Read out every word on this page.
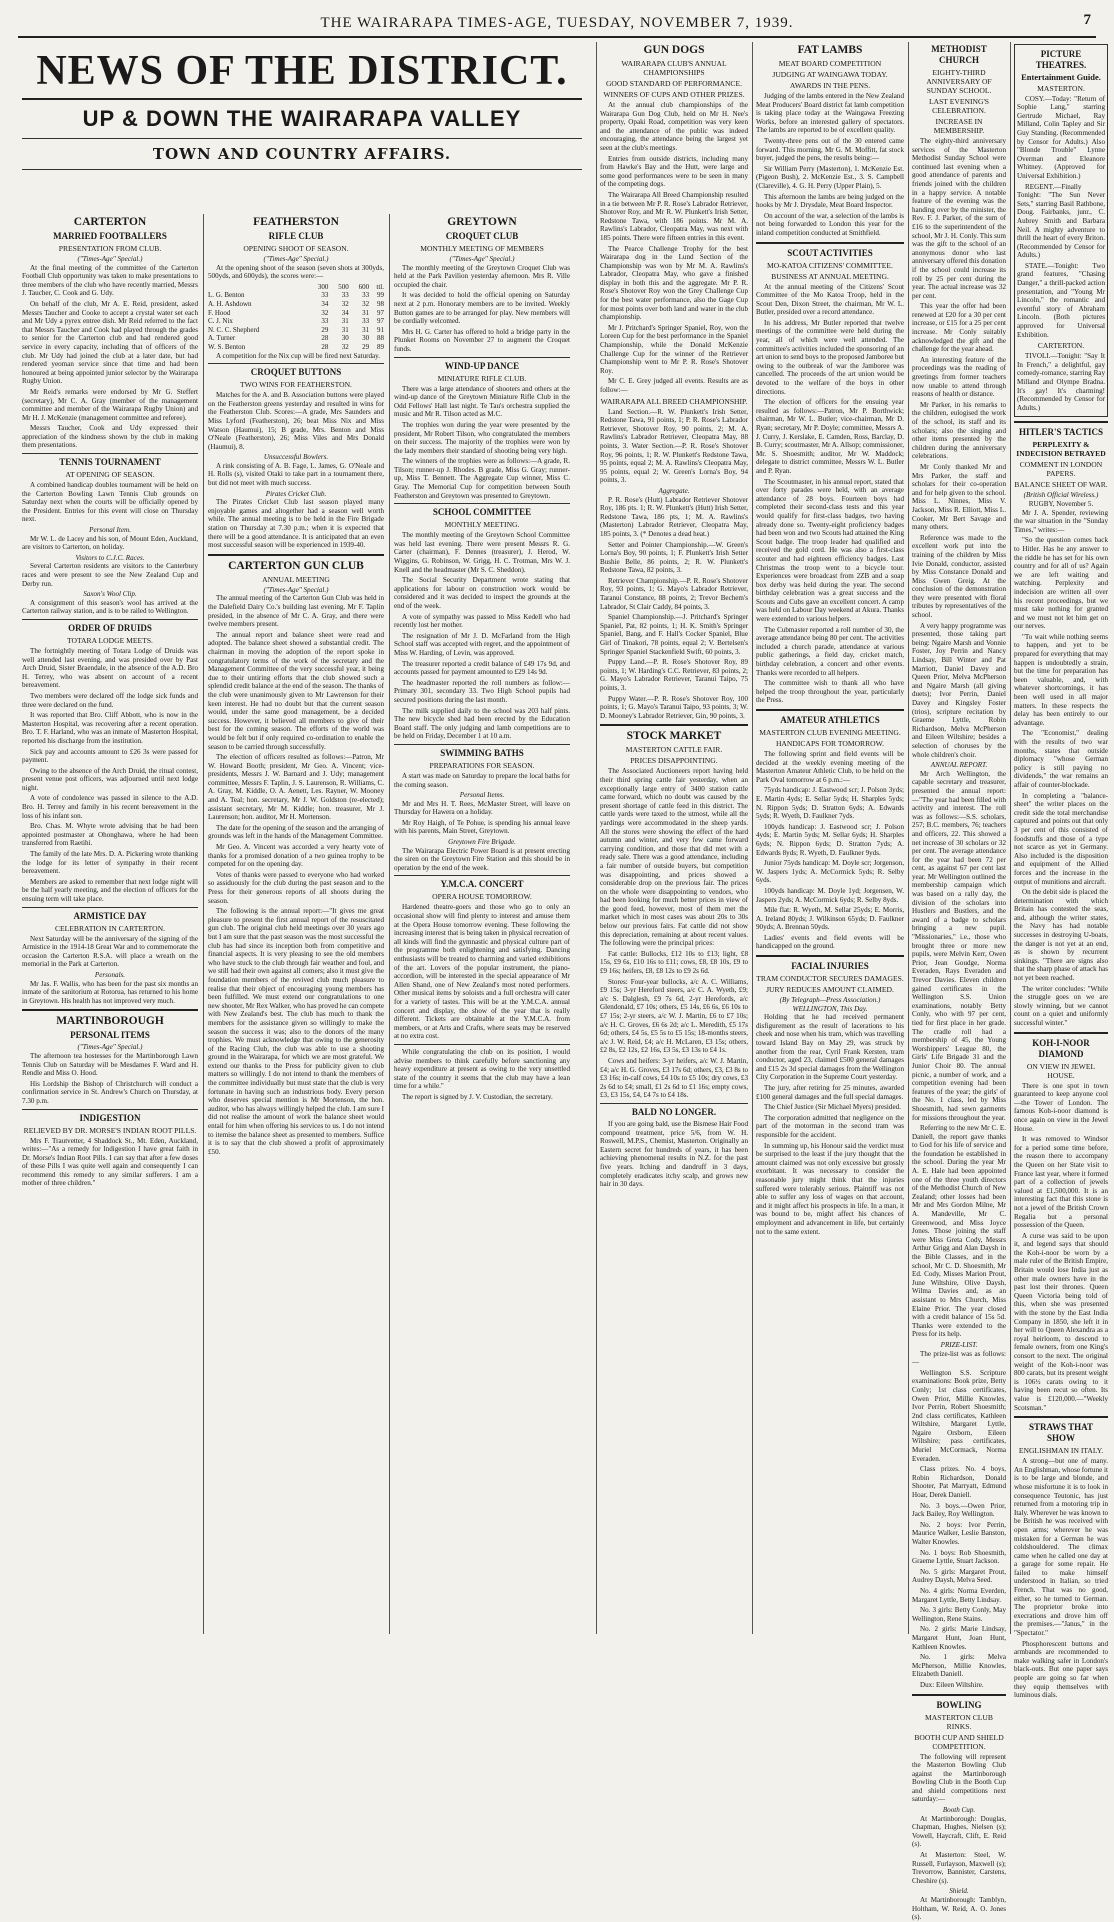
THE WAIRARAPA TIMES-AGE, TUESDAY, NOVEMBER 7, 1939.	7
NEWS OF THE DISTRICT.
UP & DOWN THE WAIRARAPA VALLEY
TOWN AND COUNTRY AFFAIRS.
CARTERTON
MARRIED FOOTBALLERS
PRESENTATION FROM CLUB.
("Times-Age" Special.)

At the final meeting of the committee of the Carterton Football Club opportunity was taken to make presentations to three members of the club who have recently married, Messrs J. Taucher, C. Cook and G. Udy.

On behalf of the club, Mr A. E. Reid, president, asked Messrs Taucher and Cooke to accept a crystal water set each and Mr Udy a pyrex entree dish. Mr Reid referred to the fact that Messrs Taucher and Cook had played through the grades to senior for the Carterton club and had rendered good service in every capacity, including that of officers of the club. Mr Udy had joined the club at a later date, but had rendered yeoman service since that time and had been honoured at being appointed junior selector by the Wairarapa Rugby Union.

Mr Reid's remarks were endorsed by Mr G. Steffert (secretary), Mr C. A. Gray (member of the management committee and member of the Wairarapa Rugby Union) and Mr H. J. McKenzie (management committee and referee).

Messrs Taucher, Cook and Udy expressed their appreciation of the kindness shown by the club in making them presentations.

TENNIS TOURNAMENT
AT OPENING OF SEASON.

A combined handicap doubles tournament will be held on the Carterton Bowling Lawn Tennis Club grounds on Saturday next when the courts will be officially opened by the President. Entries for this event will close on Thursday next.

Personal Item.

Mr W. L. de Lacey and his son, of Mount Eden, Auckland, are visitors to Carterton, on holiday.

Visitors to C.J.C. Races.

Several Carterton residents are visitors to the Canterbury races and were present to see the New Zealand Cup and Derby run.

Saxon's Wool Clip.

A consignment of this season's wool has arrived at the Carterton railway station, and is to be railed to Wellington.

ORDER OF DRUIDS
TOTARA LODGE MEETS.

The fortnightly meeting of Totara Lodge of Druids was well attended last evening, and was presided over by Past Arch Druid, Sister Braendale, in the absence of the A.D. Bro H. Terrey, who was absent on account of a recent bereavement.

Two members were declared off the lodge sick funds and three were declared on the fund.

It was reported that Bro. Cliff Abbott, who is now in the Masterton Hospital, was recovering after a recent operation. Bro. T. F. Harland, who was an inmate of Masterton Hospital, reported his discharge from the institution.

Sick pay and accounts amount to £26 3s were passed for payment.

Owing to the absence of the Arch Druid, the ritual contest, present venue post officers, was adjourned until next lodge night.

A vote of condolence was passed in silence to the A.D. Bro. H. Terrey and family in his recent bereavement in the loss of his infant son.

Bro. Chas. M. Whyte wrote advising that he had been appointed postmaster at Ohonghawa, where he had been transferred from Raetihi.

The family of the late Mrs. D. A. Pickering wrote thanking the lodge for its letter of sympathy in their recent bereavement.

Members are asked to remember that next lodge night will be the half yearly meeting, and the election of officers for the ensuing term will take place.

ARMISTICE DAY
CELEBRATION IN CARTERTON.

Next Saturday will be the anniversary of the signing of the Armistice in the 1914-18 Great War and to commemorate the occasion the Carterton R.S.A. will place a wreath on the memorial in the Park at Carterton.

Personals.

Mr Jas. F. Wallis, who has been for the past six months an inmate of the sanitorium at Rotorua, has returned to his home in Greytown. His health has not improved very much.

MARTINBOROUGH
PERSONAL ITEMS
("Times-Age" Special.)

The afternoon tea hostesses for the Martinborough Lawn Tennis Club on Saturday will be Mesdames F. Ward and H. Rendle and Miss O. Hood.

His Lordship the Bishop of Christchurch will conduct a confirmation service in St. Andrew's Church on Thursday, at 7.30 p.m.

INDIGESTION
RELIEVED BY DR. MORSE'S INDIAN ROOT PILLS.

Mrs F. Trautvetter, 4 Shaddock St., Mt. Eden, Auckland, writes:—"As a remedy for Indigestion I have great faith in Dr. Morse's Indian Root Pills. I can say that after a few doses of these Pills I was quite well again and consequently I can recommend this remedy to any similar sufferers. I am a mother of three children."

FEATHERSTON
RIFLE CLUB
OPENING SHOOT OF SEASON.
("Times-Age" Special.)

At the opening shoot of the season (seven shots at 300yds, 500yds, and 600yds), the scores were:—

	300	500	600	ttl.
L. G. Benton	33	33	33	99
A. H. Ashdown	34	32	32	98
F. Hood	32	34	31	97
C. J. Nix	33	31	33	97
N. C. C. Shepherd	29	31	31	91
A. Turner	28	30	30	88
W. S. Benton	28	32	29	89

A competition for the Nix cup will be fired next Saturday.

CROQUET BUTTONS
TWO WINS FOR FEATHERSTON.

Matches for the A. and B. Association buttons were played on the Featherston greens yesterday and resulted in wins for the Featherston Club. Scores:—A grade, Mrs Saunders and Miss Lyford (Featherston), 26; beat Miss Nix and Miss Watson (Haumui), 15; B grade, Mrs. Benton and Miss O'Neale (Featherston), 26; Miss Viles and Mrs Donald (Haumui), 8.

Unsuccessful Bowlers.

A rink consisting of A. B. Fage, L. James, G. O'Neale and H. Rolls (s), visited Otaki to take part in a tournament there, but did not meet with much success.

Pirates Cricket Club.

The Pirates Cricket Club last season played many enjoyable games and altogether had a season well worth while. The annual meeting is to be held in the Fire Brigade station on Thursday at 7.30 p.m.; when it is expected that there will be a good attendance. It is anticipated that an even most successful season will be experienced in 1939-40.

CARTERTON GUN CLUB
ANNUAL MEETING
("Times-Age" Special.)

The annual meeting of the Carterton Gun Club was held in the Dalefield Dairy Co.'s building last evening. Mr F. Taplin presided, in the absence of Mr C. A. Gray, and there were twelve members present.

The annual report and balance sheet were read and adopted. The balance sheet showed a substantial credit. The chairman in moving the adoption of the report spoke in congratulatory terms of the work of the secretary and the Management Committee of the very successful year, it being due to their untiring efforts that the club showed such a splendid credit balance at the end of the season. The thanks of the club were unanimously given to Mr Lawrenson for their keen interest. He had no doubt but that the current season would, under the same good management, be a decided success. However, it believed all members to give of their best for the coming season. The efforts of the world was would be felt but if only required co-ordination to enable the season to be carried through successfully.

The election of officers resulted as follows:—Patron, Mr W. Howard Booth; president, Mr Geo. A. Vincent; vice-presidents, Messrs J. W. Barnard and J. Udy; management committee, Messrs F. Taplin, J. S. Laurenson, R. Williams, C. A. Gray, M. Kiddle, O. A. Aenett, Les. Rayner, W. Mooney and A. Teal; hon. secretary, Mr J. W. Goldston (re-elected); assistant secretary, Mr M. Kiddle; hon. treasurer, Mr J. Laurenson; hon. auditor, Mr H. Mortenson.

The date for the opening of the season and the arranging of grounds was left in the hands of the Management Committee.

Mr Geo. A. Vincent was accorded a very hearty vote of thanks for a promised donation of a two guinea trophy to be competed for on the opening day.

Votes of thanks were passed to everyone who had worked so assiduously for the club during the past season and to the Press for their generous reports of all shoots during the season.

The following is the annual report:—"It gives me great pleasure to present the first annual report of the resuscitated gun club. The original club held meetings over 30 years ago but I am sure that the past season was the most successful the club has had since its inception both from competitive and financial aspects. It is very pleasing to see the old members who have stuck to the club through fair weather and foul, and we still had their own against all comers; also it must give the foundation members of the revived club much pleasure to realise that their object of encouraging young members has been fulfilled. We must extend our congratulations to one new shooter, Mr Rex Walker, who has proved he can compete with New Zealand's best. The club has much to thank the members for the assistance given so willingly to make the season the success it was; also to the donors of the many trophies. We must acknowledge that owing to the generosity of the Racing Club, the club was able to use a shooting ground in the Wairarapa, for which we are most grateful. We extend our thanks to the Press for publicity given to club matters so willingly. I do not intend to thank the members of the committee individually but must state that the club is very fortunate in having such an industrious body. Every person who deserves special mention is Mr Mortenson, the hon. auditor, who has always willingly helped the club. I am sure I did not realise the amount of work the balance sheet would entail for him when offering his services to us. I do not intend to itemise the balance sheet as presented to members. Suffice it is to say that the club showed a profit of approximately £50.

GREYTOWN
CROQUET CLUB
MONTHLY MEETING OF MEMBERS
("Times-Age" Special.)

The monthly meeting of the Greytown Croquet Club was held at the Park Pavilion yesterday afternoon. Mrs R. Ville occupied the chair.

It was decided to hold the official opening on Saturday next at 2 p.m. Honorary members are to be invited. Weekly Button games are to be arranged for play. New members will be cordially welcomed.

Mrs H. G. Carter has offered to hold a bridge party in the Plunket Rooms on November 27 to augment the Croquet funds.

WIND-UP DANCE
MINIATURE RIFLE CLUB.

There was a large attendance of shooters and others at the wind-up dance of the Greytown Miniature Rifle Club in the Odd Fellows' Hall last night. Te Tau's orchestra supplied the music and Mr R. Tilson acted as M.C.

The trophies won during the year were presented by the president, Mr Robert Tilson, who congratulated the members on their success. The majority of the trophies were won by the lady members their standard of shooting being very high.

The winners of the trophies were as follows:—A grade, R. Tilson; runner-up J. Rhodes. B grade, Miss G. Gray; runner-up, Miss T. Bennett. The Aggregate Cup winner, Miss C. Gray. The Memorial Cup for competition between South Featherston and Greytown was presented to Greytown.

SCHOOL COMMITTEE
MONTHLY MEETING.

The monthly meeting of the Greytown School Committee was held last evening. There were present Messrs R. G. Carter (chairman), F. Dennes (treasurer), J. Herod, W. Wiggins, G. Robinson, W. Grigg, H. C. Trotman, Mrs W. J. Knell and the headmaster (Mr S. C. Sheddon).

The Social Security Department wrote stating that applications for labour on construction work would be considered and it was decided to inspect the grounds at the end of the week.

A vote of sympathy was passed to Miss Kedell who had recently lost her mother.

The resignation of Mr J. D. McFarland from the High School staff was accepted with regret, and the appointment of Miss W. Harding, of Levin, was approved.

The treasurer reported a credit balance of £49 17s 9d, and accounts passed for payment amounted to £29 14s 9d.

The headmaster reported the roll numbers as follow:—Primary 301, secondary 33. Two High School pupils had secured positions during the last month.

The milk supplied daily to the school was 203 half pints. The new bicycle shed had been erected by the Education Board staff. The only judging and lamb competitions are to be held on Friday, December 1 at 10 a.m.

SWIMMING BATHS
PREPARATIONS FOR SEASON.

A start was made on Saturday to prepare the local baths for the coming season.

Personal Items.

Mr and Mrs H. T. Rees, McMaster Street, will leave on Thursday for Hawera on a holiday.

Mr Roy Haigh, of Te Pohue, is spending his annual leave with his parents, Main Street, Greytown.

Greytown Fire Brigade.

The Wairarapa Electric Power Board is at present erecting the siren on the Greytown Fire Station and this should be in operation by the end of the week.

Y.M.C.A. CONCERT
OPERA HOUSE TOMORROW.

Hardened theatre-goers and those who go to only an occasional show will find plenty to interest and amuse them at the Opera House tomorrow evening. These following the increasing interest that is being taken in physical recreation of all kinds will find the gymnastic and physical culture part of the programme both enlightening and satisfying. Dancing enthusiasts will be treated to charming and varied exhibitions of the art. Lovers of the popular instrument, the piano-accordion, will be interested in the special appearance of Mr Allen Shand, one of New Zealand's most noted performers. Other musical items by soloists and a full orchestra will cater for a variety of tastes. This will be at the Y.M.C.A. annual concert and display, the show of the year that is really different. Tickets are obtainable at the Y.M.C.A. from members, or at Arts and Crafts, where seats may be reserved at no extra cost.

While congratulating the club on its position, I would advise members to think carefully before sanctioning any heavy expenditure at present as owing to the very unsettled state of the country it seems that the club may have a lean time for a while."

The report is signed by J. V. Custodian, the secretary.

GUN DOGS
WAIRARAPA CLUB'S ANNUAL CHAMPIONSHIPS
GOOD STANDARD OF PERFORMANCE.
WINNERS OF CUPS AND OTHER PRIZES.

At the annual club championships of the Wairarapa Gun Dog Club, held on Mr H. Nee's property, Opaki Road, competition was very keen and the attendance of the public was indeed encouraging, the attendance being the largest yet seen at the club's meetings.

Entries from outside districts, including many from Hawke's Bay and the Hutt, were large and some good performances were to be seen in many of the competing dogs.

The Wairarapa All Breed Championship resulted in a tie between Mr P. R. Rose's Labrador Retriever, Shotover Roy, and Mr R. W. Plunkett's Irish Setter, Redstone Tawa, with 186 points. Mr M. A. Rawlins's Labrador, Cleopatra May, was next with 185 points. There were fifteen entries in this event.

The Pearce Challenge Trophy for the best Wairarapa dog in the Lund Section of the Championship was won by Mr M. A. Rawlins's Labrador, Cleopatra May, who gave a finished display in both this and the aggregate. Mr P. R. Rose's Shotover Roy won the Grey Challenge Cup for the best water performance, also the Gage Cup for most points over both land and water in the club championship.

Mr J. Pritchard's Springer Spaniel, Roy, won the Loreen Cup for the best performance in the Spaniel Championship, while the Donald McKenzie Challenge Cup for the winner of the Retriever Championship went to Mr P. R. Rose's Shotover Roy.

Mr C. E. Grey judged all events. Results are as follow:—

WAIRARAPA ALL BREED CHAMPIONSHIP.

Land Section.—R. W. Plunkett's Irish Setter, Redstone Tawa, 91 points, 1; P. R. Rose's Labrador Retriever, Shotover Roy, 90 points, 2; M. A. Rawlins's Labrador Retriever, Cleopatra May, 88 points, 3. Water Section.—P. R. Rose's Shotover Roy, 96 points, 1; R. W. Plunkett's Redstone Tawa, 95 points, equal 2; M. A. Rawlins's Cleopatra May, 95 points, equal 2; W. Green's Lorna's Boy, 94 points, 3.

Aggregate.

P. R. Rose's (Hutt) Labrador Retriever Shotover Roy, 186 pts. 1; R. W. Plunkett's (Hutt) Irish Setter, Redstone Tawa, 186 pts, 1; M. A. Rawlins's (Masterton) Labrador Retriever, Cleopatra May, 185 points, 3. (* Denotes a dead heat.)

Setter and Pointer Championship.—W. Green's Lorna's Boy, 90 points, 1; F. Plunkett's Irish Setter Bushie Belle, 86 points, 2; R. W. Plunkett's Redstone Tawa, 82 points, 3.

Retriever Championship.—P. R. Rose's Shotover Roy, 93 points, 1; G. Mayo's Labrador Retriever, Taranui Constance, 88 points, 2; Trevor Bechem's Labrador, St Clair Caddy, 84 points, 3.

Spaniel Championship.—J. Pritchard's Springer Spaniel, Pat, 82 points, 1; H. K. Smith's Springer Spaniel, Bang, and F. Hall's Cocker Spaniel, Blue Girl of Tinakori, 78 points, equal 2; V. Bertelsen's Springer Spaniel Stackenfield Swift, 60 points, 3.

Puppy Land.—P. R. Rose's Shotover Roy, 89 points, 1; W. Harding's C.C. Retriever, 83 points, 2; G. Mayo's Labrador Retriever, Taranui Taipo, 75 points, 3.

Puppy Water.—P. R. Rose's Shotover Roy, 100 points, 1; G. Mayo's Taranui Taipo, 93 points, 3; W. D. Mooney's Labrador Retriever, Gin, 90 points, 3.

STOCK MARKET
MASTERTON CATTLE FAIR.
PRICES DISAPPOINTING.

The Associated Auctioneers report having held their third spring cattle fair yesterday, when an exceptionally large entry of 3400 station cattle came forward, which no doubt was caused by the present shortage of cattle feed in this district. The cattle yards were taxed to the utmost, while all the yardings were accommodated in the sheep yards. All the stores were showing the effect of the hard autumn and winter, and very few came forward carrying condition, and those that did met with a ready sale. There was a good attendance, including a fair number of outside buyers, but competition was disappointing, and prices showed a considerable drop on the previous fair. The prices on the whole were disappointing to vendors, who had been looking for much better prices in view of the good feed, however, most of them met the market which in most cases was about 20s to 30s below our previous fairs. Fat cattle did not show this depreciation, remaining at about recent values. The following were the principal prices:

Fat cattle: Bullocks, £12 10s to £13; light, £8 15s, £9 6s, £10 16s to £11; cows, £8, £8 10s, £9 to £9 16s; heifers, £8, £8 12s to £9 2s 6d.

Stores: Four-year bullocks, a/c A. C. Williams, £9 15s; 3-yr Hereford steers, a/c C. A. Wyeth, £9; a/c S. Dalglesh, £9 7s 6d, 2-yr Herefords, a/c Glendonald, £7 10s; others, £5 14s, £6 6s, £6 10s to £7 15s; 2-yr steers, a/c W. J. Martin, £6 to £7 10s; a/c H. C. Groves, £6 6s 2d; a/c L. Meredith, £5 17s 6d; others, £4 5s, £5 5s to £5 15s; 18-months steers, a/c J. W. Reid, £4; a/c H. McLaren, £3 15s; others, £2 8s, £2 12s, £2 16s, £3 5s, £3 13s to £4 1s.

Cows and heifers: 3-yr heifers, a/c W. J. Martin, £4; a/c H. G. Groves, £3 17s 6d; others, £3, £3 8s to £3 16s; in-calf cows, £4 10s to £5 10s; dry cows, £3 2s 6d to £4; small, £1 2s 6d to £1 16s; empty cows, £3, £3 15s, £4, £4 7s to £4 18s.

BALD NO LONGER.

If you are going bald, use the Bismese Hair Food compound treatment, price 5/6, from W. H. Roswell, M.P.S., Chemist, Masterton. Originally an Eastern secret for hundreds of years, it has been achieving phenomenal results in N.Z. for the past five years. Itching and dandruff in 3 days, completely eradicates itchy scalp, and grows new hair in 30 days.

FAT LAMBS
MEAT BOARD COMPETITION
JUDGING AT WAINGAWA TODAY.
AWARDS IN THE PENS.

Judging of the lambs entered in the New Zealand Meat Producers' Board district fat lamb competition is taking place today at the Waingawa Freezing Works, before an interested gallery of spectators. The lambs are reported to be of excellent quality.

Twenty-three pens out of the 30 entered came forward. This morning, Mr G. M. Moffitt, fat stock buyer, judged the pens, the results being:—

Sir William Perry (Masterton), 1. McKenzie Est. (Pigeon Bush), 2. McKenzie Est., 3. S. Campbell (Clareville), 4. G. H. Perry (Upper Plain), 5.

This afternoon the lambs are being judged on the hooks by Mr J. Drysdale, Meat Board Inspector.

On account of the war, a selection of the lambs is not being forwarded to London this year for the inland competition conducted at Smithfield.

SCOUT ACTIVITIES
MO-KATOA CITIZENS' COMMITTEE.
BUSINESS AT ANNUAL MEETING.

At the annual meeting of the Citizens' Scout Committee of the Mo Katoa Troop, held in the Scout Den, Dixon Street, the chairman, Mr W. L. Butler, presided over a record attendance.

In his address, Mr Butler reported that twelve meetings of the committee were held during the year, all of which were well attended. The committee's activities included the sponsoring of an art union to send boys to the proposed Jamboree but owing to the outbreak of war the Jamboree was cancelled. The proceeds of the art union would be devoted to the welfare of the boys in other directions.

The election of officers for the ensuing year resulted as follows:—Patron, Mr P. Borthwick; chairman, Mr W. L. Butler; vice-chairman, Mr D. Ryan; secretary, Mr P. Doyle; committee, Messrs A. J. Curry, J. Kerslake, E. Camden, Ross, Barclay, D. B. Curry; scoutmaster, Mr A. Allsop; commissioner, Mr. S. Shoesmith; auditor, Mr W. Maddock; delegate to district committee, Messrs W. L. Butler and P. Ryan.

The Scoutmaster, in his annual report, stated that over forty parades were held, with an average attendance of 28 boys. Fourteen boys had completed their second-class tests and this year would qualify for first-class badges, two having already done so. Twenty-eight proficiency badges had been won and two Scouts had attained the King Scout badge. The troop leader had qualified and received the gold cord. He was also a first-class scouter and had eighteen efficiency badges. Last Christmas the troop went to a bicycle tour. Experiences were broadcast from 2ZB and a soap box derby was held during the year. The second birthday celebration was a great success and the Scouts and Cubs gave an excellent concert. A camp was held on Labour Day weekend at Akura. Thanks were extended to various helpers.

The Cubmaster reported a roll number of 30, the average attendance being 80 per cent. The activities included a church parade, attendance at various public gatherings, a field day, cricket match, birthday celebration, a concert and other events. Thanks were recorded to all helpers.

The committee wish to thank all who have helped the troop throughout the year, particularly the Press.

AMATEUR ATHLETICS
MASTERTON CLUB EVENING MEETING.
HANDICAPS FOR TOMORROW.

The following sprint and field events will be decided at the weekly evening meeting of the Masterton Amateur Athletic Club, to be held on the Park Oval tomorrow at 6 p.m.:—

75yds handicap: J. Eastwood scr; J. Polson 3yds; E. Martin 4yds; E. Sellar 5yds; H. Sharples 5yds; N. Rippon 5yds; D. Stratton 6yds; A. Edwards 5yds; R. Wyeth, D. Faulkner 7yds.

100yds handicap: J. Eastwood scr; J. Polson 4yds; E. Martin 5yds; M. Sellar 6yds; H. Sharples 6yds; N. Rippon 6yds; D. Stratton 7yds; A. Edwards 8yds; R. Wyeth, D. Faulkner 9yds.

Junior 75yds handicap: M. Doyle scr; Jorgenson, W. Jaspers 1yds; A. McCormick 5yds; R. Selby 6yds.

100yds handicap: M. Doyle 1yd; Jorgensen, W. Jaspers 2yds; A. McCormick 6yds; R. Selby 8yds.

Mile flat: R. Wyeth, M. Sellar 25yds; E. Morris, A. Ireland 80yds; J. Wilkinson 65yds; D. Faulkner 90yds; A. Brennan 50yds.

Ladies' events and field events will be handicapped on the ground.

FACIAL INJURIES
TRAM CONDUCTOR SECURES DAMAGES.
JURY REDUCES AMOUNT CLAIMED.
(By Telegraph—Press Association.) WELLINGTON, This Day.

Holding that he had received permanent disfigurement as the result of lacerations to his cheek and nose when his tram, which was travelling toward Island Bay on May 29, was struck by another from the rear, Cyril Frank Kersten, tram conductor, aged 23, claimed £500 general damages and £15 2s 3d special damages from the Wellington City Corporation in the Supreme Court yesterday.

The jury, after retiring for 25 minutes, awarded £100 general damages and the full special damages.

The Chief Justice (Sir Michael Myers) presided.

The corporation admitted that negligence on the part of the motorman in the second tram was responsible for the accident.

In summing up, his Honour said the verdict must be surprised to the least if the jury thought that the amount claimed was not only excessive but grossly exorbitant. It was necessary to consider the reasonable jury might think that the injuries suffered were tolerably serious. Plaintiff was not able to suffer any loss of wages on that account, and it might affect his prospects in life. In a man, it was bound to be, might affect his chances of employment and advancement in life, but certainly not to the same extent.

METHODIST CHURCH
EIGHTY-THIRD ANNIVERSARY OF SUNDAY SCHOOL.
LAST EVENING'S CELEBRATION.
INCREASE IN MEMBERSHIP.

The eighty-third anniversary services of the Masterton Methodist Sunday School were continued last evening when a good attendance of parents and friends joined with the children in a happy service. A notable feature of the evening was the handing over by the minister, the Rev. F. J. Parker, of the sum of £16 to the superintendent of the school, Mr J. H. Conly. This sum was the gift to the school of an anonymous donor who last anniversary offered this donation if the school could increase its roll by 25 per cent during the year. The actual increase was 32 per cent.

This year the offer had been renewed at £20 for a 30 per cent increase, or £15 for a 25 per cent increase. Mr Conly suitably acknowledged the gift and the challenge for the year ahead.

An interesting feature of the proceedings was the reading of greetings from former teachers now unable to attend through reasons of health or distance.

Mr Parker, in his remarks to the children, eulogised the work of the school, its staff and its scholars; also the singing and other items presented by the children during the anniversary celebrations.

Mr Conly thanked Mr and Mrs Parker, the staff and scholars for their co-operation and for help given to the school. Miss L. Ninnes, Miss V. Jackson, Miss R. Elliott, Miss L. Cooker, Mr Bert Savage and many others.

Reference was made to the excellent work put into the training of the children by Miss Ivie Donald, conductor, assisted by Miss Constance Donald and Miss Gwen Greig. At the conclusion of the demonstration they were presented with floral tributes by representatives of the school.

A very happy programme was presented, those taking part being: Ngaire Marsh and Vonnie Foster, Joy Perrin and Nancy Lindsay, Bill Winter and Pat Marriott, Daniel Davey and Queen Prior, Melva McPherson and Ngaire Marsh (all giving duets); Ivor Perrin, Daniel Davey and Kingsley Foster (trios), scripture recitation by Graeme Lyttle, Robin Richardson, Melva McPherson and Eileen Wiltshire; besides a selection of choruses by the whole children's choir.

ANNUAL REPORT.

Mr Arch Wellington, the capable secretary and treasurer, presented the annual report:—"The year had been filled with activity and interest. The roll was as follows:—S.S. scholars, 257; B.C. members, 76; teachers and officers, 22. This showed a net increase of 30 scholars or 32 per cent. The average attendance for the year had been 72 per cent, as against 67 per cent last year. Mr Wellington outlined the membership campaign which was based on a rally day, the division of the scholars into Hustlers and Bustlers, and the award of a badge to scholars bringing a new pupil. "Missionaries," i.e., those who brought three or more new pupils, were Melvin Kerr, Owen Prior, Jean Goudge, Norma Everaden, Rays Everaden and Trevor Davies. Eleven children gained certificates in the Wellington S.S. Union examinations, notably Betty Conly, who with 97 per cent, tied for first place in her grade. The cradle roll had a membership of 45, the Young Worshippers' League 80, the Girls' Life Brigade 31 and the Junior Choir 80. The annual picnic, a number of work, and a competition evening had been features of the year; the girls' of the No. 1 class, led by Miss Shoesmith, had sewn garments for missions throughout the year.

Referring to the new Mr C. E. Daniell, the report gave thanks to God for his life of service and the foundation he established in the school. During the year Mr A. E. Hale had been appointed one of the three youth directors of the Methodist Church of New Zealand; other losses had been Mr and Mrs Gordon Milne, Mr A. Mandeville, Mr C. Greenwood, and Miss Joyce Jones. Those joining the staff were Miss Greta Cody, Messrs Arthur Grigg and Alan Daysh in the Bible Classes, and in the school, Mr C. D. Shoesmith, Mr Ed. Cody, Misses Marion Prout, June Wiltshire, Olive Daysh, Wilma Davies and, as an assistant to Mrs Church, Miss Elaine Prior. The year closed with a credit balance of 15s 5d. Thanks were extended to the Press for its help.

PRIZE-LIST.

The prize-list was as follows:—

Wellington S.S. Scripture examinations: Book prize, Betty Conly; 1st class certificates, Owen Prior, Millie Knowles, Ivor Perrin, Robert Shoesmith; 2nd class certificates, Kathleen Wiltshire, Margaret Lyttle, Ngaire Orsborn, Eileen Wiltshire; pass certificates, Muriel McCormack, Norma Everaden.

Class prizes. No. 4 boys, Robin Richardson, Donald Shooter, Pat Marryatt, Edmund Hoar, Derek Daniell.

No. 3 boys.—Owen Prior, Jack Bailey, Roy Wellington.

No. 2 boys: Ivor Perrin, Maurice Walker, Leslie Banston, Walter Knowles.

No. 1 boys: Rob Shoesmith, Graeme Lyttle, Stuart Jackson.

No. 5 girls: Margaret Prout, Audrey Daysh, Melva Seed.

No. 4 girls: Norma Everden, Margaret Lyttle, Betty Lindsay.

No. 3 girls: Betty Conly, May Wellington, Rene Stains.

No. 2 girls: Marie Lindsay, Margaret Hunt, Joan Hunt, Kathleen Knowles.

No. 1 girls: Melva McPherson, Millie Knowles, Elizabeth Daniell.

Dux: Eileen Wiltshire.

BOWLING
MASTERTON CLUB RINKS.
BOOTH CUP AND SHIELD COMPETITION.

The following will represent the Masterton Bowling Club against the Martinborough Bowling Club in the Booth Cup and shield competitions next saturday:—

Booth Cup.

At Martinborough: Douglas, Chapman, Hughes, Nielsen (s); Vowell, Haycraft, Clift, E. Reid (s).

At Masterton: Steel, W. Russell, Furlayson, Maxwell (s); Trevorrow, Bannister, Carstens, Cheshire (s).

Shield.

At Martinborough: Tamblyn, Holtham, W. Reid, A. O. Jones (s).

PICTURE THEATRES.
Entertainment Guide.
MASTERTON.

COSY.—Today: "Return of Sophie Lang," starring Gertrude Michael, Ray Milland, Colin Tapley and Sir Guy Standing. (Recommended by Censor for Adults.) Also "Blonde Trouble" Lynne Overman and Eleanore Whitney. (Approved for Universal Exhibition.)

REGENT.—Finally Tonight: "The Sun Never Sets," starring Basil Rathbone, Doug. Fairbanks, junr., C. Aubrey Smith and Barbara Neil. A mighty adventure to thrill the heart of every Briton. (Recommended by Censor for Adults.)

STATE.—Tonight: Two grand features, "Chasing Danger," a thrill-packed action presentation, and "Young Mr Lincoln," the romantic and eventful story of Abraham Lincoln. (Both pictures approved for Universal Exhibition.

CARTERTON.

TIVOLI.—Tonight: "Say It In French," a delightful, gay comedy-romance, starring Ray Milland and Olympe Bradna. It's gay! It's charming! (Recommended by Censor for Adults.)

HITLER'S TACTICS
PERPLEXITY & INDECISION BETRAYED
COMMENT IN LONDON PAPERS.
BALANCE SHEET OF WAR.
(British Official Wireless.)
RUGBY, November 5.

Mr J. A. Spender, reviewing the war situation in the "Sunday Times," writes:—

"So the question comes back to Hitler. Has he any answer to the riddle he has set for his own country and for all of us? Again we are left waiting and watching. Perplexity and indecision are written all over his recent proceedings, but we must take nothing for granted and we must not let him get on our nerves.

"To wait while nothing seems to happen, and yet to be prepared for everything that may happen is undoubtedly a strain, but the time for preparation has been valuable, and, with whatever shortcomings, it has been well used in all major matters. In these respects the delay has been entirely to our advantage.

The "Economist," dealing with the results of two war months, states that outside diplomacy "whose German policy is still paying no dividends," the war remains an affair of counter-blockade.

In completing a "balance-sheet" the writer places on the credit side the total merchandise captured and points out that only 3 per cent of this consisted of foodstuffs and those of a type not scarce as yet in Germany. Also included is the disposition and equipment of the Allied forces and the increase in the output of munitions and aircraft.

On the debit side is placed the determination with which Britain has contested the seas, and, although the writer states, the Navy has had notable successes in destroying U-boats, the danger is not yet at an end, as is shown by recurrent sinkings. "There are signs also that the sharp phase of attack has not yet been reached.

The writer concludes: "While the struggle goes on we are slowly winning, but we cannot count on a quiet and uniformly successful winter."

KOH-I-NOOR DIAMOND
ON VIEW IN JEWEL HOUSE.

There is one spot in town guaranteed to keep anyone cool—the Tower of London. The famous Koh-i-noor diamond is once again on view in the Jewel House.

It was removed to Windsor for a period some time before, the reason there to accompany the Queen on her State visit to France last year, where it formed part of a collection of jewels valued at £1,500,000. It is an interesting fact that this stone is not a jewel of the British Crown Regalia but a personal possession of the Queen.

A curse was said to be upon it, and legend says that should the Koh-i-noor be worn by a male ruler of the British Empire, Britain would lose India just as other male owners have in the past lost their thrones. Queen Queen Victoria being told of this, when she was presented with the stone by the East India Company in 1850, she left it in her will to Queen Alexandra as a royal heirloom, to descend to female owners, from one King's consort to the next. The original weight of the Koh-i-noor was 800 carats, but its present weight is 106½ carats owing to it having been recut so often. Its value is £120,000.—"Weekly Scotsman."

STRAWS THAT SHOW
ENGLISHMAN IN ITALY.

A strong—but one of many. An Englishman, whose fortune it is to be large and blonde, and whose misfortune it is to look in consequence Teutonic, has just returned from a motoring trip in Italy. Wherever he was known to be British he was received with open arms; wherever he was mistaken for a German he was coldshouldered. The climax came when he called one day at a garage for some repair. He failed to make himself understood in Italian, so tried French. That was no good, either, so he turned to German. The proprietor broke into execrations and drove him off the premises.—"Janus," in the "Spectator."

Phosphorescent buttons and armbands are recommended to make walking safer in London's black-outs. But one paper says people are going so far when they equip themselves with luminous dials.
